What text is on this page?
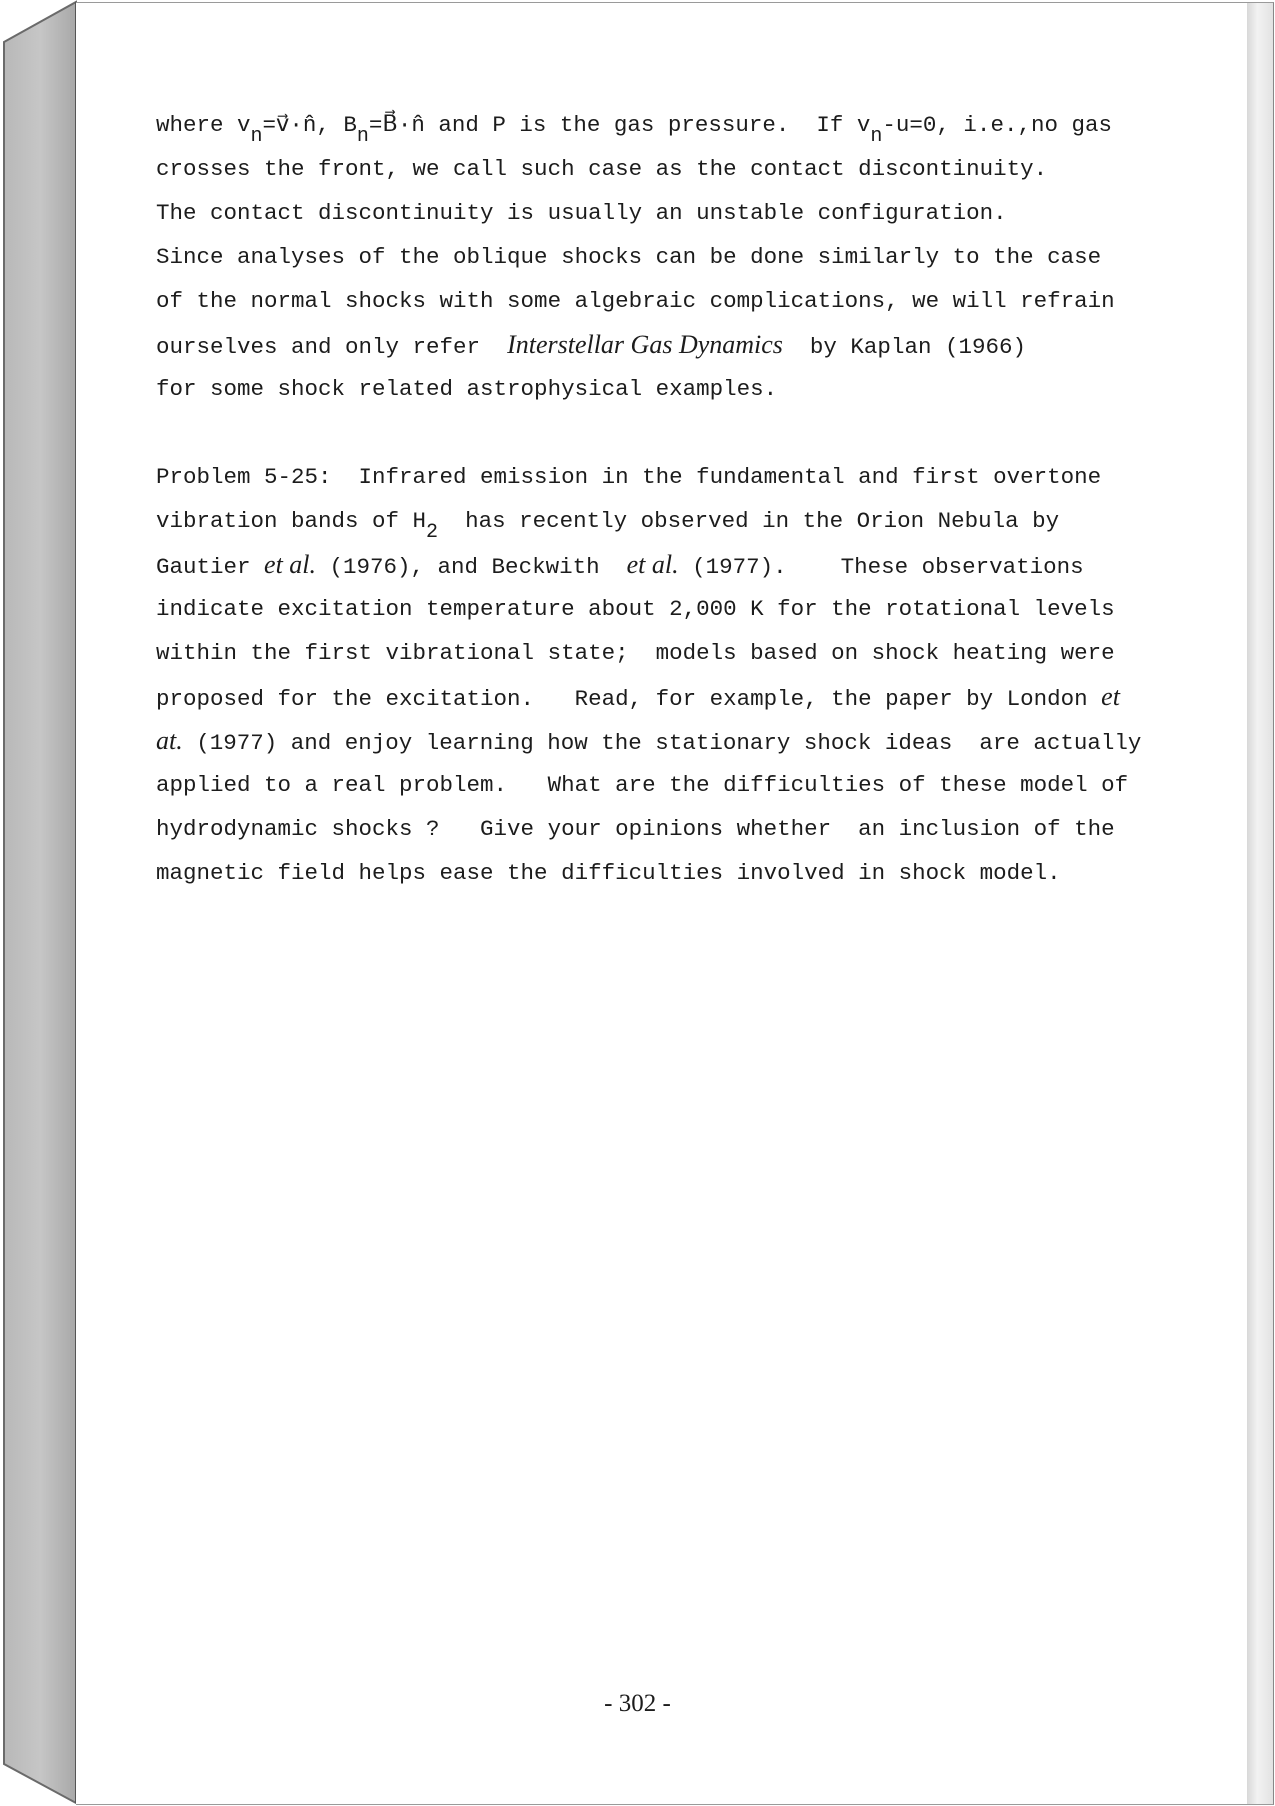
where vn=v⃗·n̂, Bn=B⃗·n̂ and P is the gas pressure.  If vn-u=0, i.e.,no gas

crosses the front, we call such case as the contact discontinuity.

The contact discontinuity is usually an unstable configuration.

Since analyses of the oblique shocks can be done similarly to the case

of the normal shocks with some algebraic complications, we will refrain

ourselves and only refer  Interstellar Gas Dynamics  by Kaplan (1966)

for some shock related astrophysical examples.

Problem 5-25:  Infrared emission in the fundamental and first overtone

vibration bands of H2  has recently observed in the Orion Nebula by

Gautier et al. (1976), and Beckwith  et al. (1977).    These observations

indicate excitation temperature about 2,000 K for the rotational levels

within the first vibrational state;  models based on shock heating were

proposed for the excitation.   Read, for example, the paper by London et

at. (1977) and enjoy learning how the stationary shock ideas  are actually

applied to a real problem.   What are the difficulties of these model of

hydrodynamic shocks ?   Give your opinions whether  an inclusion of the

magnetic field helps ease the difficulties involved in shock model.

- 302 -
